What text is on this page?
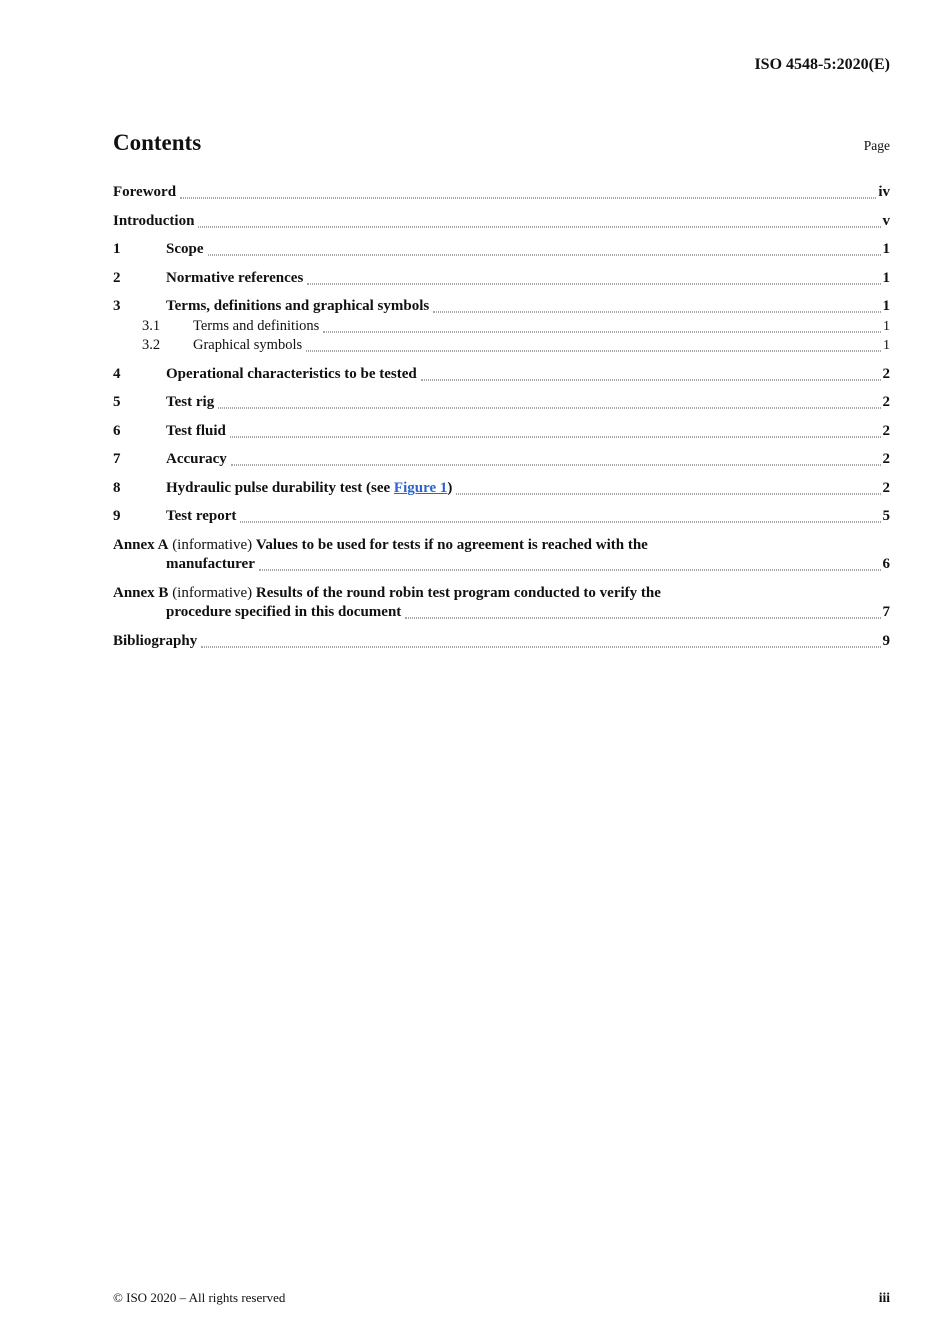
ISO 4548-5:2020(E)
Contents	Page
Foreword	iv
Introduction	v
1	Scope	1
2	Normative references	1
3	Terms, definitions and graphical symbols	1
3.1	Terms and definitions	1
3.2	Graphical symbols	1
4	Operational characteristics to be tested	2
5	Test rig	2
6	Test fluid	2
7	Accuracy	2
8	Hydraulic pulse durability test (see Figure 1)	2
9	Test report	5
Annex A (informative) Values to be used for tests if no agreement is reached with the
manufacturer	6
Annex B (informative) Results of the round robin test program conducted to verify the
procedure specified in this document	7
Bibliography	9
© ISO 2020 – All rights reserved	iii
